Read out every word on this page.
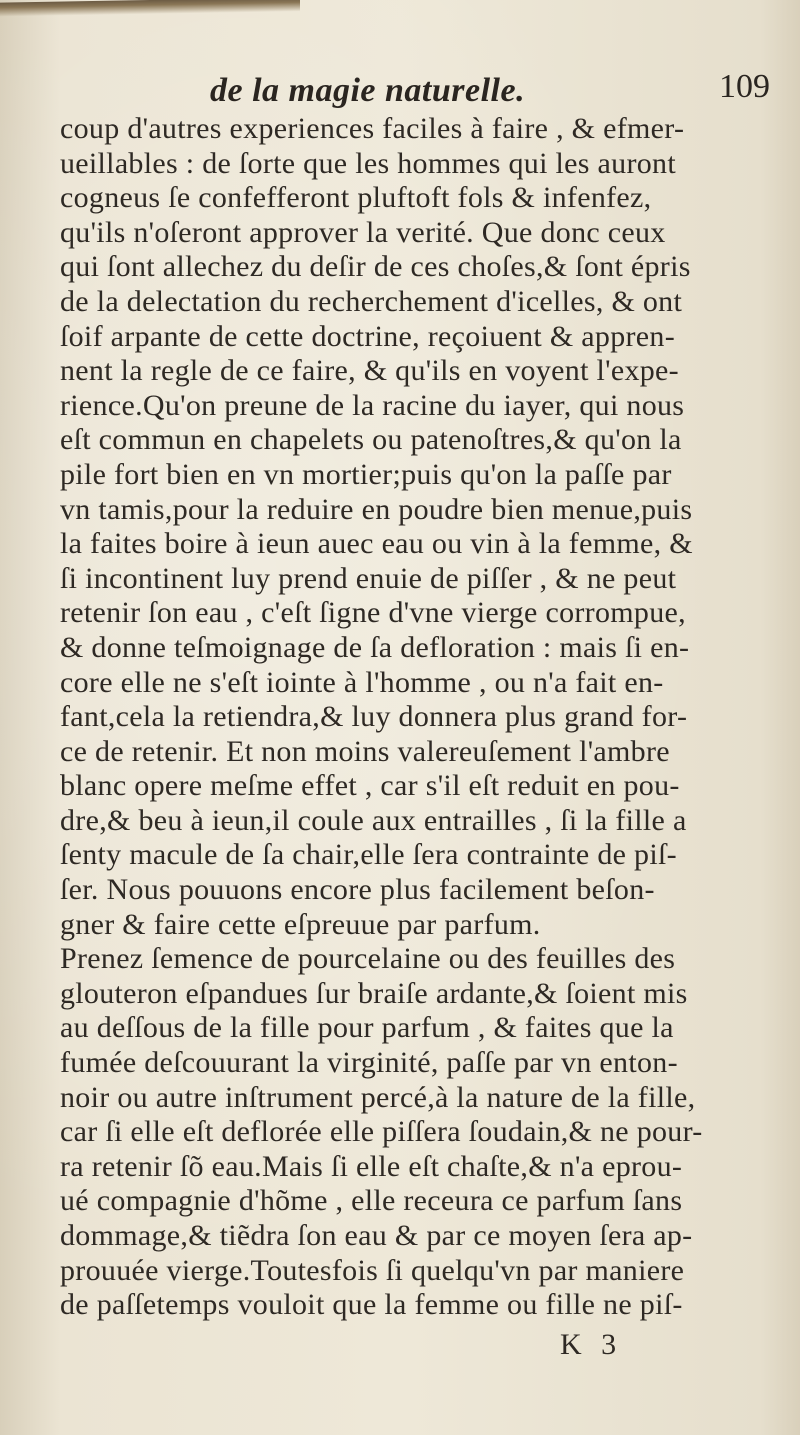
de la magie naturelle.	109
coup d'autres experiences faciles à faire , & efmer-
ueillables : de ſorte que les hommes qui les auront
cogneus ſe confefferont pluftoft fols & infenfez,
qu'ils n'oſeront approver la verité. Que donc ceux
qui ſont allechez du deſir de ces choſes,& ſont épris
de la delectation du recherchement d'icelles, & ont
ſoif arpante de cette doctrine, reçoiuent & appren-
nent la regle de ce faire, & qu'ils en voyent l'expe-
rience.Qu'on preune de la racine du iayer, qui nous
eſt commun en chapelets ou patenoſtres,& qu'on la
pile fort bien en vn mortier;puis qu'on la paſſe par
vn tamis,pour la reduire en poudre bien menue,puis
la faites boire à ieun auec eau ou vin à la femme, &
ſi incontinent luy prend enuie de piſſer , & ne peut
retenir ſon eau , c'eſt ſigne d'vne vierge corrompue,
& donne teſmoignage de ſa defloration : mais ſi en-
core elle ne s'eſt iointe à l'homme , ou n'a fait en-
fant,cela la retiendra,& luy donnera plus grand for-
ce de retenir. Et non moins valereuſement l'ambre
blanc opere meſme effet , car s'il eſt reduit en pou-
dre,& beu à ieun,il coule aux entrailles , ſi la fille a
ſenty macule de ſa chair,elle ſera contrainte de piſ-
ſer. Nous pouuons encore plus facilement beſon-
gner & faire cette eſpreuue par parfum.
Prenez ſemence de pourcelaine ou des feuilles des
glouteron eſpandues ſur braiſe ardante,& ſoient mis
au deſſous de la fille pour parfum , & faites que la
fumée deſcouurant la virginité, paſſe par vn enton-
noir ou autre inſtrument percé,à la nature de la fille,
car ſi elle eſt deflorée elle piſſera ſoudain,& ne pour-
ra retenir ſõ eau.Mais ſi elle eſt chaſte,& n'a eprou-
ué compagnie d'hõme , elle receura ce parfum ſans
dommage,& tiẽdra ſon eau & par ce moyen ſera ap-
prouuée vierge.Toutesfois ſi quelqu'vn par maniere
de paſſetemps vouloit que la femme ou fille ne piſ-
K 3
